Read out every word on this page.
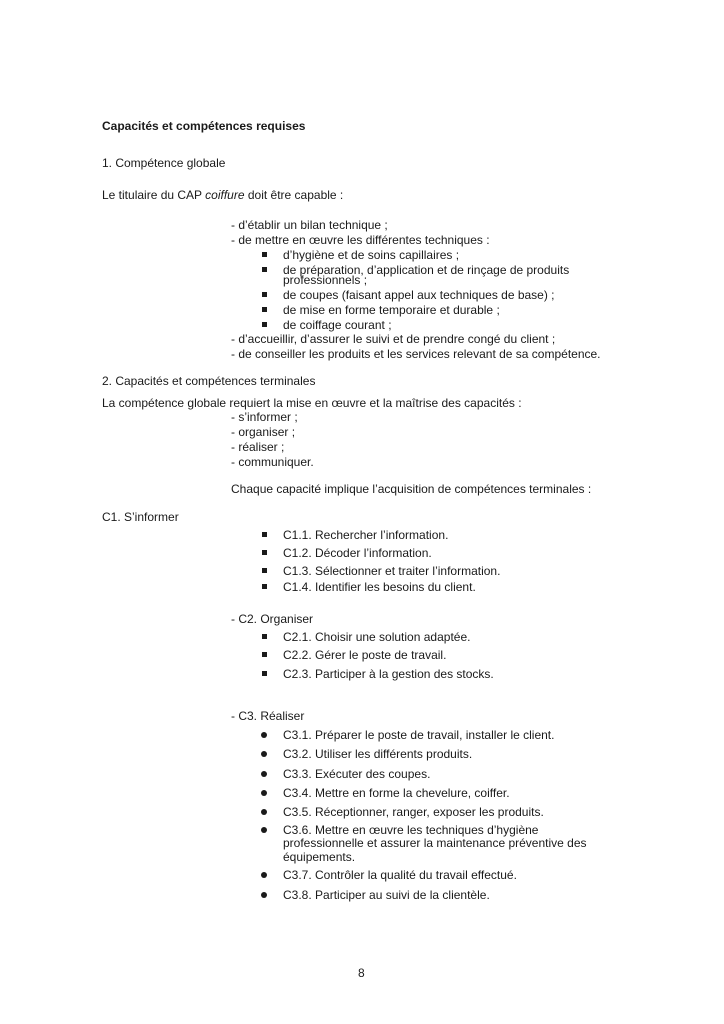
Capacités et compétences requises
1. Compétence globale
Le titulaire du CAP coiffure doit être capable :
- d’établir un bilan technique ;
- de mettre en œuvre les différentes techniques :
d’hygiène et de soins capillaires ;
de préparation, d’application et de rinçage de produits
professionnels ;
de coupes (faisant appel aux techniques de base) ;
de mise en forme temporaire et durable ;
de coiffage courant ;
- d’accueillir, d’assurer le suivi et de prendre congé du client ;
- de conseiller les produits et les services relevant de sa compétence.
2. Capacités et compétences terminales
La compétence globale requiert la mise en œuvre et la maîtrise des capacités :
- s’informer ;
- organiser ;
- réaliser ;
- communiquer.
Chaque capacité implique l’acquisition de compétences terminales :
C1. S’informer
C1.1. Rechercher l’information.
C1.2. Décoder l’information.
C1.3. Sélectionner et traiter l’information.
C1.4. Identifier les besoins du client.
- C2. Organiser
C2.1. Choisir une solution adaptée.
C2.2. Gérer le poste de travail.
C2.3. Participer à la gestion des stocks.
- C3. Réaliser
C3.1. Préparer le poste de travail, installer le client.
C3.2. Utiliser les différents produits.
C3.3. Exécuter des coupes.
C3.4. Mettre en forme la chevelure, coiffer.
C3.5. Réceptionner, ranger, exposer les produits.
C3.6. Mettre en œuvre les techniques d’hygiène
professionnelle et assurer la maintenance préventive des
équipements.
C3.7. Contrôler la qualité du travail effectué.
C3.8. Participer au suivi de la clientèle.
8
